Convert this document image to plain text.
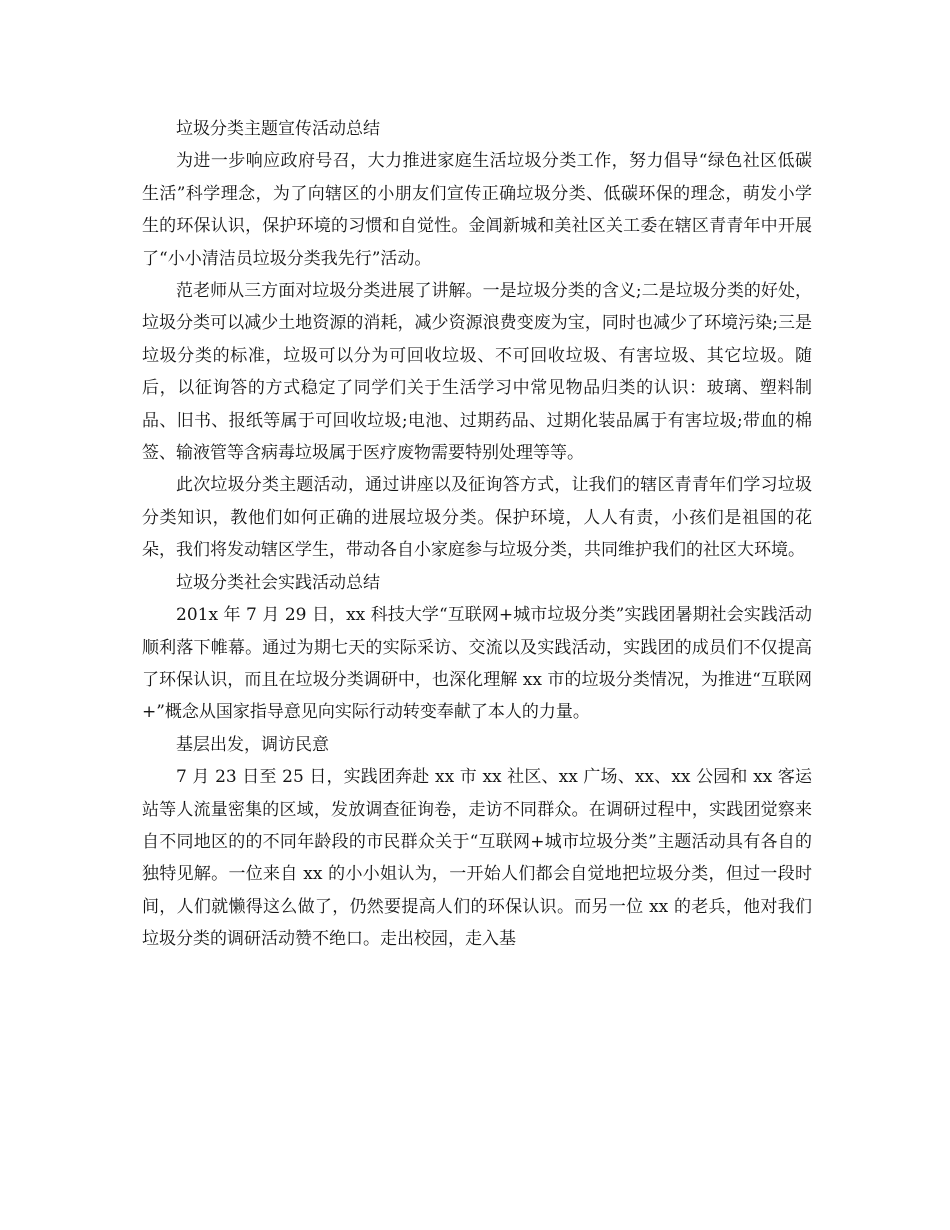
垃圾分类主题宣传活动总结

为进一步响应政府号召，大力推进家庭生活垃圾分类工作，努力倡导“绿色社区低碳生活”科学理念，为了向辖区的小朋友们宣传正确垃圾分类、低碳环保的理念，萌发小学生的环保认识，保护环境的习惯和自觉性。金阊新城和美社区关工委在辖区青青年中开展了“小小清洁员垃圾分类我先行”活动。

范老师从三方面对垃圾分类进展了讲解。一是垃圾分类的含义;二是垃圾分类的好处，垃圾分类可以减少土地资源的消耗，减少资源浪费变废为宝，同时也减少了环境污染;三是垃圾分类的标准，垃圾可以分为可回收垃圾、不可回收垃圾、有害垃圾、其它垃圾。随后，以征询答的方式稳定了同学们关于生活学习中常见物品归类的认识：玻璃、塑料制品、旧书、报纸等属于可回收垃圾;电池、过期药品、过期化装品属于有害垃圾;带血的棉签、输液管等含病毒垃圾属于医疗废物需要特别处理等等。

此次垃圾分类主题活动，通过讲座以及征询答方式，让我们的辖区青青年们学习垃圾分类知识，教他们如何正确的进展垃圾分类。保护环境，人人有责，小孩们是祖国的花朵，我们将发动辖区学生，带动各自小家庭参与垃圾分类，共同维护我们的社区大环境。

垃圾分类社会实践活动总结

201x 年 7 月 29 日，xx 科技大学“互联网+城市垃圾分类”实践团暑期社会实践活动顺利落下帷幕。通过为期七天的实际采访、交流以及实践活动，实践团的成员们不仅提高了环保认识，而且在垃圾分类调研中，也深化理解 xx 市的垃圾分类情况，为推进“互联网+”概念从国家指导意见向实际行动转变奉献了本人的力量。

基层出发，调访民意

7 月 23 日至 25 日，实践团奔赴 xx 市 xx 社区、xx 广场、xx、xx 公园和 xx 客运站等人流量密集的区域，发放调查征询卷，走访不同群众。在调研过程中，实践团觉察来自不同地区的的不同年龄段的市民群众关于“互联网+城市垃圾分类”主题活动具有各自的独特见解。一位来自 xx 的小小姐认为，一开始人们都会自觉地把垃圾分类，但过一段时间，人们就懒得这么做了，仍然要提高人们的环保认识。而另一位 xx 的老兵，他对我们垃圾分类的调研活动赞不绝口。走出校园，走入基
